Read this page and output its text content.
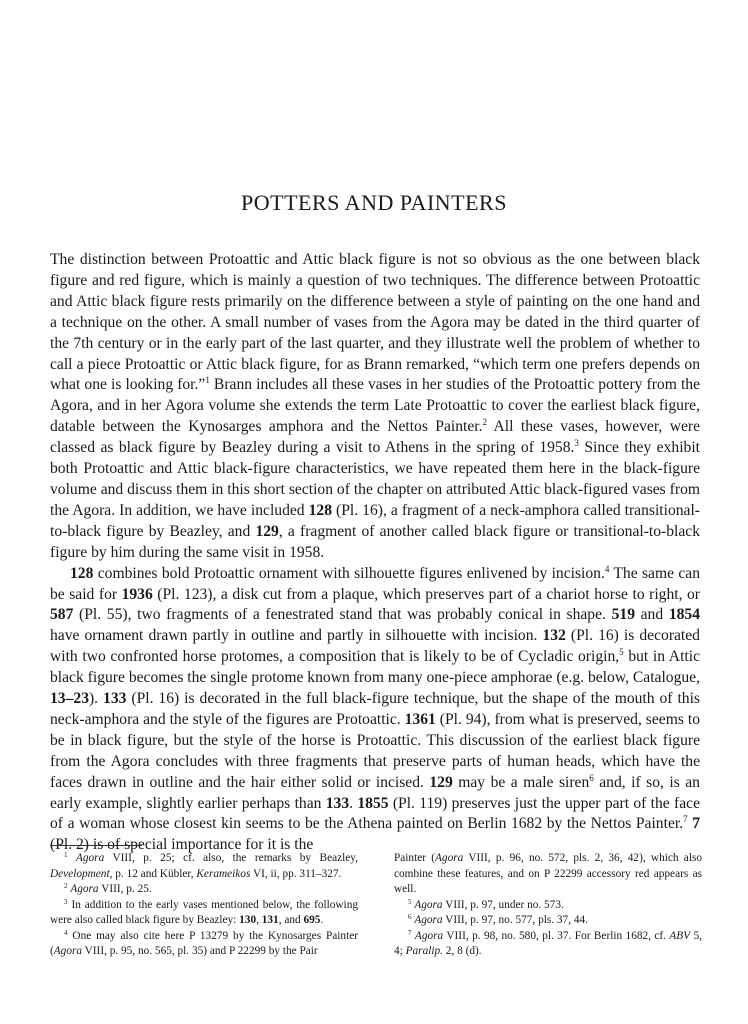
POTTERS AND PAINTERS

The distinction between Protoattic and Attic black figure is not so obvious as the one between black figure and red figure, which is mainly a question of two techniques. The difference between Protoattic and Attic black figure rests primarily on the difference between a style of painting on the one hand and a technique on the other. A small number of vases from the Agora may be dated in the third quarter of the 7th century or in the early part of the last quarter, and they illustrate well the problem of whether to call a piece Protoattic or Attic black figure, for as Brann remarked, “which term one prefers depends on what one is looking for.”$^1$ Brann includes all these vases in her studies of the Protoattic pottery from the Agora, and in her Agora volume she extends the term Late Protoattic to cover the earliest black figure, datable between the Kynosarges amphora and the Nettos Painter.$^2$ All these vases, however, were classed as black figure by Beazley during a visit to Athens in the spring of 1958.$^3$ Since they exhibit both Protoattic and Attic black-figure characteristics, we have repeated them here in the black-figure volume and discuss them in this short section of the chapter on attributed Attic black-figured vases from the Agora. In addition, we have included 128 (Pl. 16), a fragment of a neck-amphora called transitional-to-black figure by Beazley, and 129, a fragment of another called black figure or transitional-to-black figure by him during the same visit in 1958.

128 combines bold Protoattic ornament with silhouette figures enlivened by incision.$^4$ The same can be said for 1936 (Pl. 123), a disk cut from a plaque, which preserves part of a chariot horse to right, or 587 (Pl. 55), two fragments of a fenestrated stand that was probably conical in shape. 519 and 1854 have ornament drawn partly in outline and partly in silhouette with incision. 132 (Pl. 16) is decorated with two confronted horse protomes, a composition that is likely to be of Cycladic origin,$^5$ but in Attic black figure becomes the single protome known from many one-piece amphorae (e.g. below, Catalogue, 13–23). 133 (Pl. 16) is decorated in the full black-figure technique, but the shape of the mouth of this neck-amphora and the style of the figures are Protoattic. 1361 (Pl. 94), from what is preserved, seems to be in black figure, but the style of the horse is Protoattic. This discussion of the earliest black figure from the Agora concludes with three fragments that preserve parts of human heads, which have the faces drawn in outline and the hair either solid or incised. 129 may be a male siren$^6$ and, if so, is an early example, slightly earlier perhaps than 133. 1855 (Pl. 119) preserves just the upper part of the face of a woman whose closest kin seems to be the Athena painted on Berlin 1682 by the Nettos Painter.$^7$ 7 (Pl. 2) is of special importance for it is the

$^1$ Agora VIII, p. 25; cf. also, the remarks by Beazley, Development, p. 12 and Kübler, Kerameikos VI, ii, pp. 311–327.

$^2$ Agora VIII, p. 25.

$^3$ In addition to the early vases mentioned below, the following were also called black figure by Beazley: 130, 131, and 695.

$^4$ One may also cite here P 13279 by the Kynosarges Painter (Agora VIII, p. 95, no. 565, pl. 35) and P 22299 by the Pair

Painter (Agora VIII, p. 96, no. 572, pls. 2, 36, 42), which also combine these features, and on P 22299 accessory red appears as well.

$^5$ Agora VIII, p. 97, under no. 573.

$^6$ Agora VIII, p. 97, no. 577, pls. 37, 44.

$^7$ Agora VIII, p. 98, no. 580, pl. 37. For Berlin 1682, cf. ABV 5, 4; Paralip. 2, 8 (d).
